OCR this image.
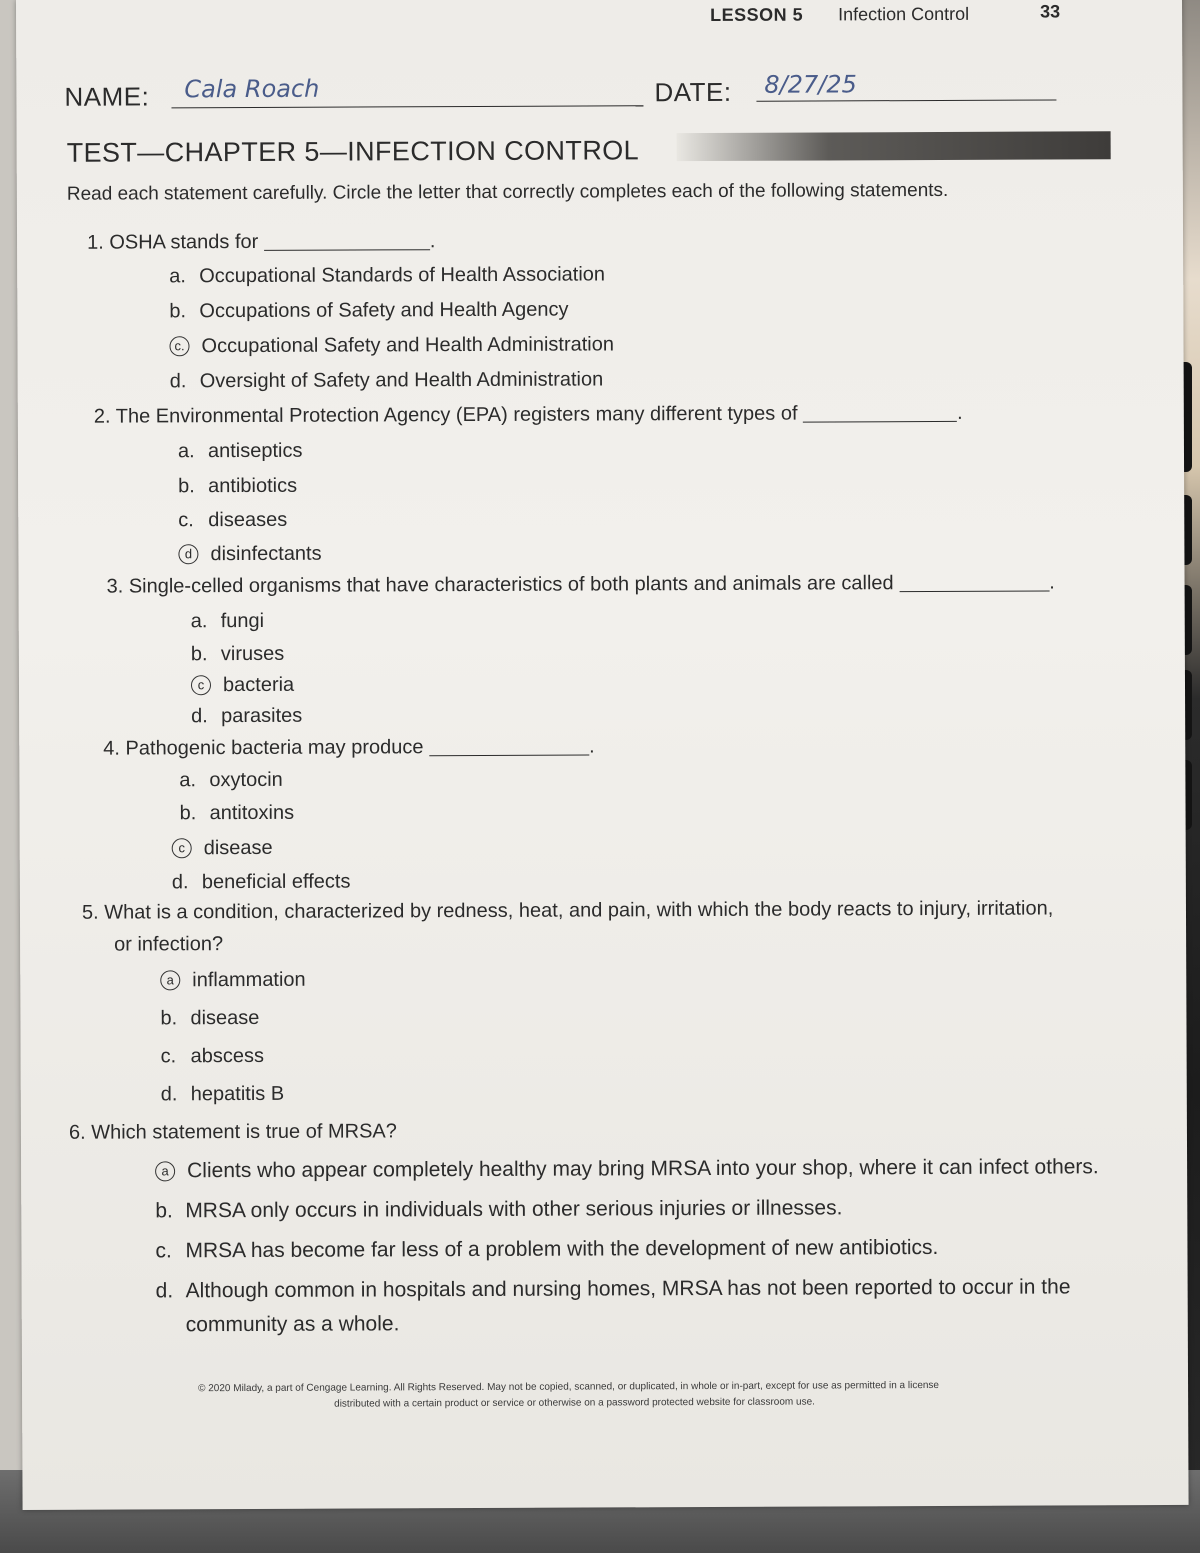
LESSON 5 Infection Control	33
NAME: Cala Roach	DATE: 8/27/25
TEST—CHAPTER 5—INFECTION CONTROL
Read each statement carefully. Circle the letter that correctly completes each of the following statements.
1. OSHA stands for	.
a. Occupational Standards of Health Association
b. Occupations of Safety and Health Agency
c. Occupational Safety and Health Administration
d. Oversight of Safety and Health Administration
2. The Environmental Protection Agency (EPA) registers many different types of	.
a. antiseptics
b. antibiotics
c. diseases
d disinfectants
3. Single-celled organisms that have characteristics of both plants and animals are called	.
a. fungi
b. viruses
c bacteria
d. parasites
4. Pathogenic bacteria may produce	.
a. oxytocin
b. antitoxins
c disease
d. beneficial effects
5. What is a condition, characterized by redness, heat, and pain, with which the body reacts to injury, irritation,
or infection?
a inflammation
b. disease
c. abscess
d. hepatitis B
6. Which statement is true of MRSA?
a Clients who appear completely healthy may bring MRSA into your shop, where it can infect others.
b. MRSA only occurs in individuals with other serious injuries or illnesses.
c. MRSA has become far less of a problem with the development of new antibiotics.
d. Although common in hospitals and nursing homes, MRSA has not been reported to occur in the
community as a whole.
© 2020 Milady, a part of Cengage Learning. All Rights Reserved. May not be copied, scanned, or duplicated, in whole or in-part, except for use as permitted in a license
distributed with a certain product or service or otherwise on a password protected website for classroom use.
